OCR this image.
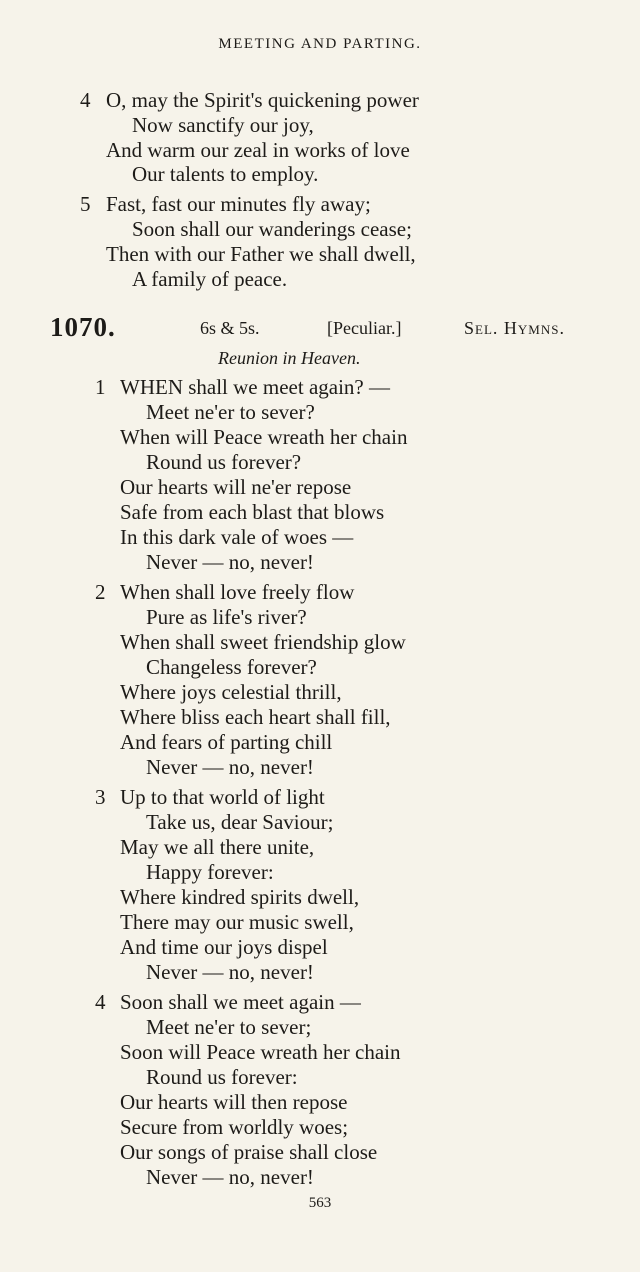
MEETING AND PARTING.
4 O, may the Spirit's quickening power
Now sanctify our joy,
And warm our zeal in works of love
Our talents to employ.
5 Fast, fast our minutes fly away;
Soon shall our wanderings cease;
Then with our Father we shall dwell,
A family of peace.
1070.	6s & 5s.	[Peculiar.]	Sel. Hymns.
Reunion in Heaven.
1 WHEN shall we meet again? —
Meet ne'er to sever?
When will Peace wreath her chain
Round us forever?
Our hearts will ne'er repose
Safe from each blast that blows
In this dark vale of woes —
Never — no, never!
2 When shall love freely flow
Pure as life's river?
When shall sweet friendship glow
Changeless forever?
Where joys celestial thrill,
Where bliss each heart shall fill,
And fears of parting chill
Never — no, never!
3 Up to that world of light
Take us, dear Saviour;
May we all there unite,
Happy forever:
Where kindred spirits dwell,
There may our music swell,
And time our joys dispel
Never — no, never!
4 Soon shall we meet again —
Meet ne'er to sever;
Soon will Peace wreath her chain
Round us forever:
Our hearts will then repose
Secure from worldly woes;
Our songs of praise shall close
Never — no, never!
563
